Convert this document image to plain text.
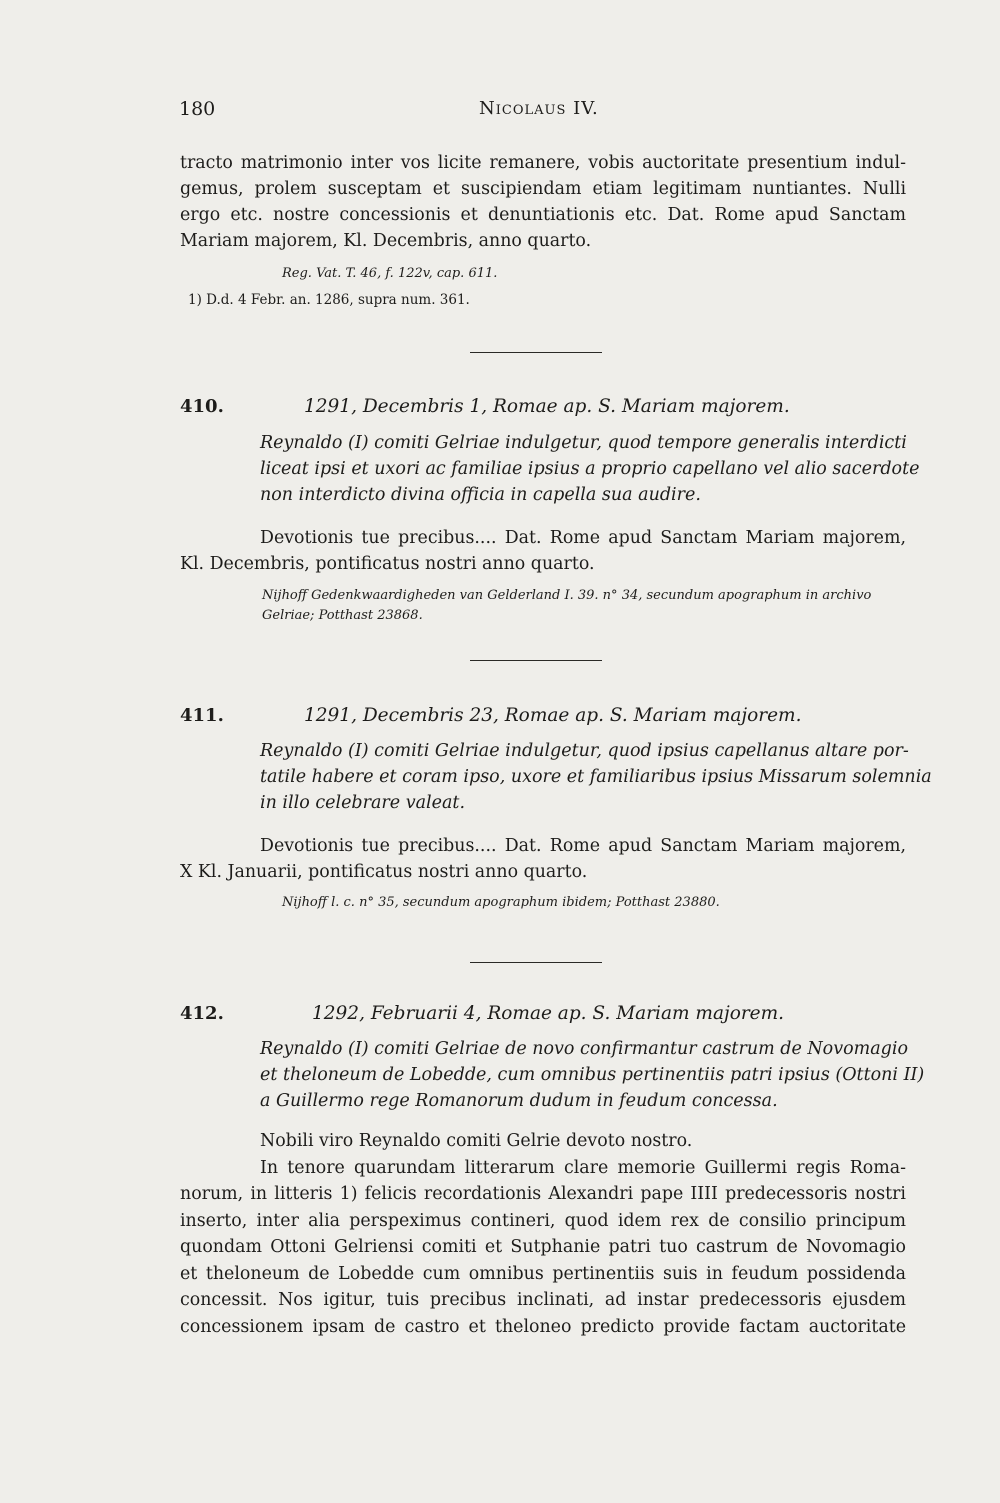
180	Nicolaus IV.
tracto matrimonio inter vos licite remanere, vobis auctoritate presentium indul-
gemus, prolem susceptam et suscipiendam etiam legitimam nuntiantes. Nulli
ergo etc. nostre concessionis et denuntiationis etc. Dat. Rome apud Sanctam
Mariam majorem, Kl. Decembris, anno quarto.
Reg. Vat. T. 46, f. 122v, cap. 611.
1) D.d. 4 Febr. an. 1286, supra num. 361.
410.	1291, Decembris 1, Romae ap. S. Mariam majorem.
Reynaldo (I) comiti Gelriae indulgetur, quod tempore generalis interdicti
liceat ipsi et uxori ac familiae ipsius a proprio capellano vel alio sacerdote
non interdicto divina officia in capella sua audire.
Devotionis tue precibus.... Dat. Rome apud Sanctam Mariam majorem,
Kl. Decembris, pontificatus nostri anno quarto.
Nijhoff Gedenkwaardigheden van Gelderland I. 39. n° 34, secundum apographum in archivo
Gelriae; Potthast 23868.
411.	1291, Decembris 23, Romae ap. S. Mariam majorem.
Reynaldo (I) comiti Gelriae indulgetur, quod ipsius capellanus altare por-
tatile habere et coram ipso, uxore et familiaribus ipsius Missarum solemnia
in illo celebrare valeat.
Devotionis tue precibus.... Dat. Rome apud Sanctam Mariam majorem,
X Kl. Januarii, pontificatus nostri anno quarto.
Nijhoff l. c. n° 35, secundum apographum ibidem; Potthast 23880.
412.	1292, Februarii 4, Romae ap. S. Mariam majorem.
Reynaldo (I) comiti Gelriae de novo confirmantur castrum de Novomagio
et theloneum de Lobedde, cum omnibus pertinentiis patri ipsius (Ottoni II)
a Guillermo rege Romanorum dudum in feudum concessa.
Nobili viro Reynaldo comiti Gelrie devoto nostro.
In tenore quarundam litterarum clare memorie Guillermi regis Roma-
norum, in litteris 1) felicis recordationis Alexandri pape IIII predecessoris nostri
inserto, inter alia perspeximus contineri, quod idem rex de consilio principum
quondam Ottoni Gelriensi comiti et Sutphanie patri tuo castrum de Novomagio
et theloneum de Lobedde cum omnibus pertinentiis suis in feudum possidenda
concessit. Nos igitur, tuis precibus inclinati, ad instar predecessoris ejusdem
concessionem ipsam de castro et theloneo predicto provide factam auctoritate
